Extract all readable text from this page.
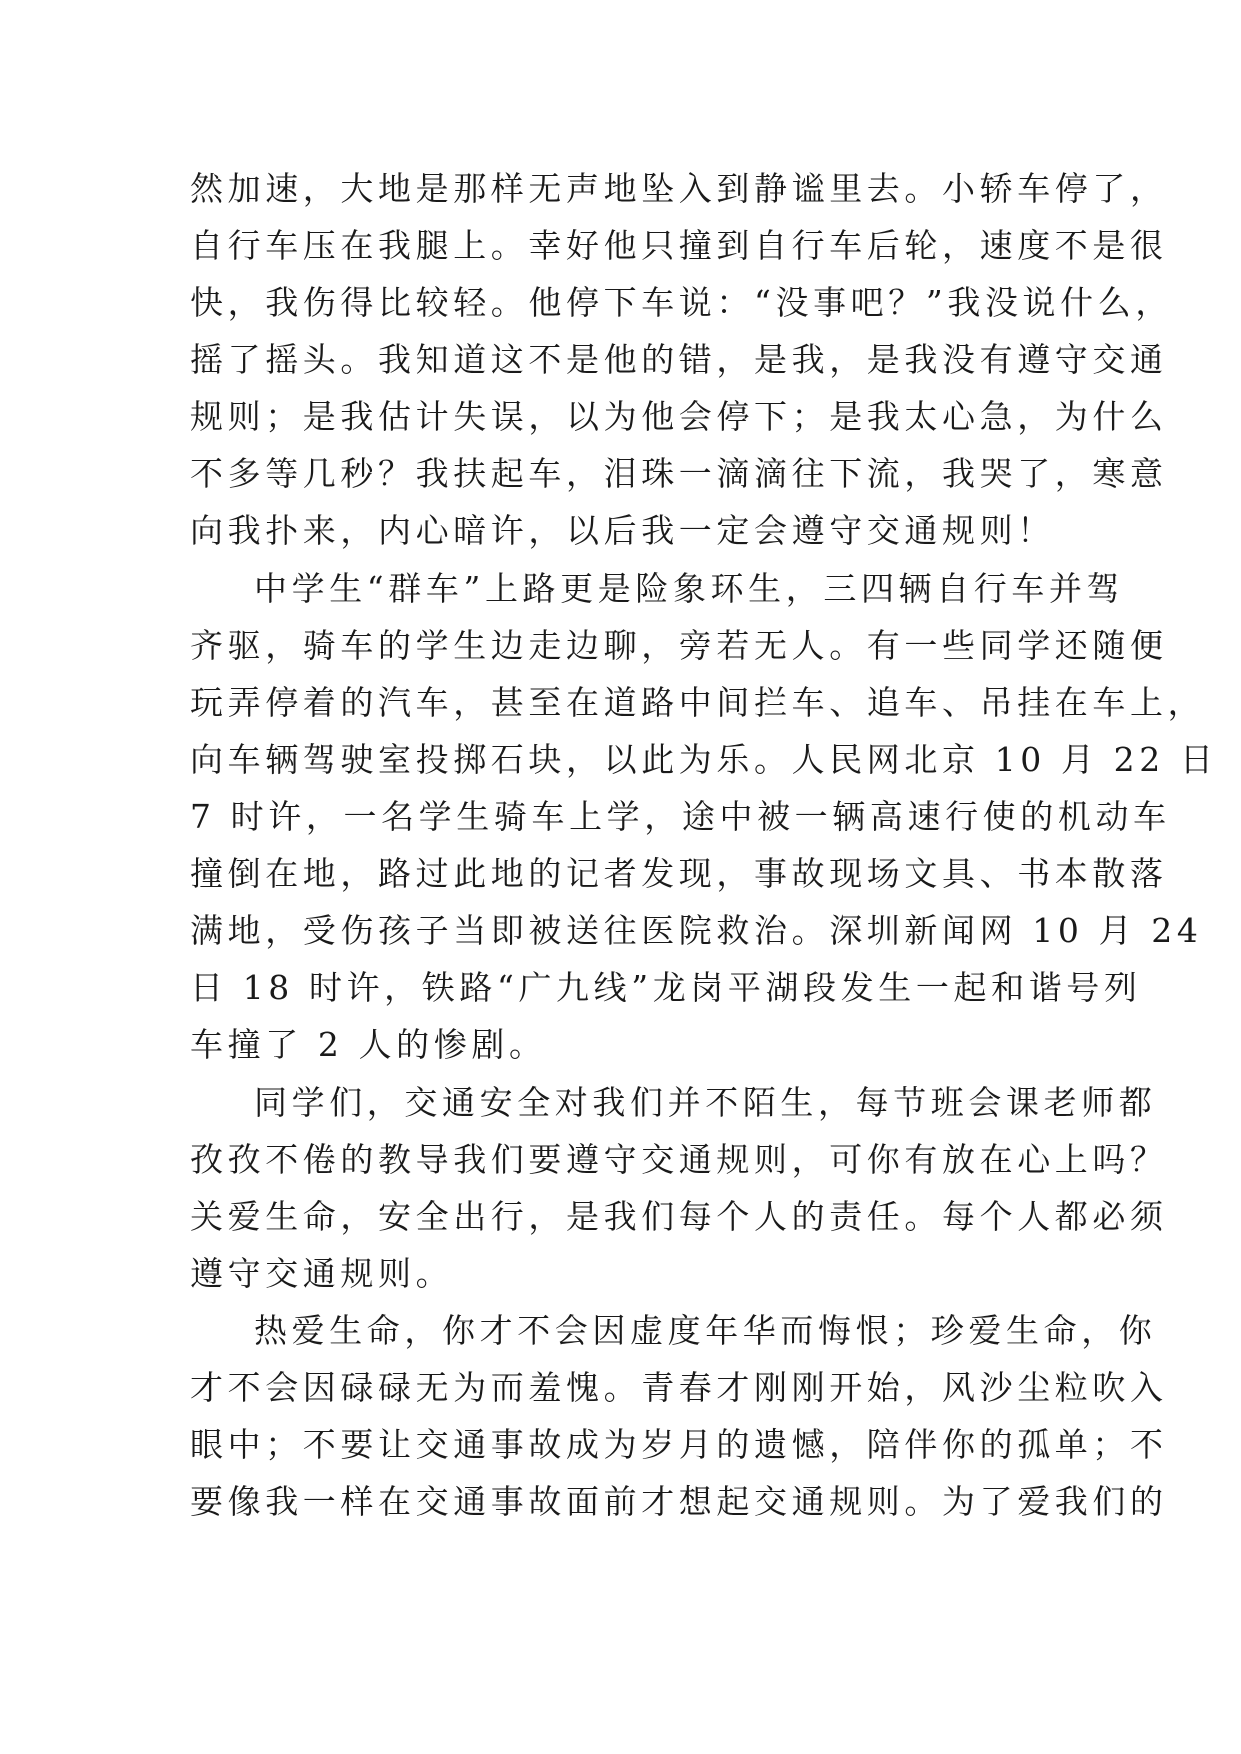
然加速，大地是那样无声地坠入到静谧里去。小轿车停了，
自行车压在我腿上。幸好他只撞到自行车后轮，速度不是很
快，我伤得比较轻。他停下车说：“没事吧？”我没说什么，
摇了摇头。我知道这不是他的错，是我，是我没有遵守交通
规则；是我估计失误，以为他会停下；是我太心急，为什么
不多等几秒？我扶起车，泪珠一滴滴往下流，我哭了，寒意
向我扑来，内心暗许，以后我一定会遵守交通规则！
中学生“群车”上路更是险象环生，三四辆自行车并驾
齐驱，骑车的学生边走边聊，旁若无人。有一些同学还随便
玩弄停着的汽车，甚至在道路中间拦车、追车、吊挂在车上，
向车辆驾驶室投掷石块，以此为乐。人民网北京 10 月 22 日
7 时许，一名学生骑车上学，途中被一辆高速行使的机动车
撞倒在地，路过此地的记者发现，事故现场文具、书本散落
满地，受伤孩子当即被送往医院救治。深圳新闻网 10 月 24
日 18 时许，铁路“广九线”龙岗平湖段发生一起和谐号列
车撞了 2 人的惨剧。
同学们，交通安全对我们并不陌生，每节班会课老师都
孜孜不倦的教导我们要遵守交通规则，可你有放在心上吗？
关爱生命，安全出行，是我们每个人的责任。每个人都必须
遵守交通规则。
热爱生命，你才不会因虚度年华而悔恨；珍爱生命，你
才不会因碌碌无为而羞愧。青春才刚刚开始，风沙尘粒吹入
眼中；不要让交通事故成为岁月的遗憾，陪伴你的孤单；不
要像我一样在交通事故面前才想起交通规则。为了爱我们的
